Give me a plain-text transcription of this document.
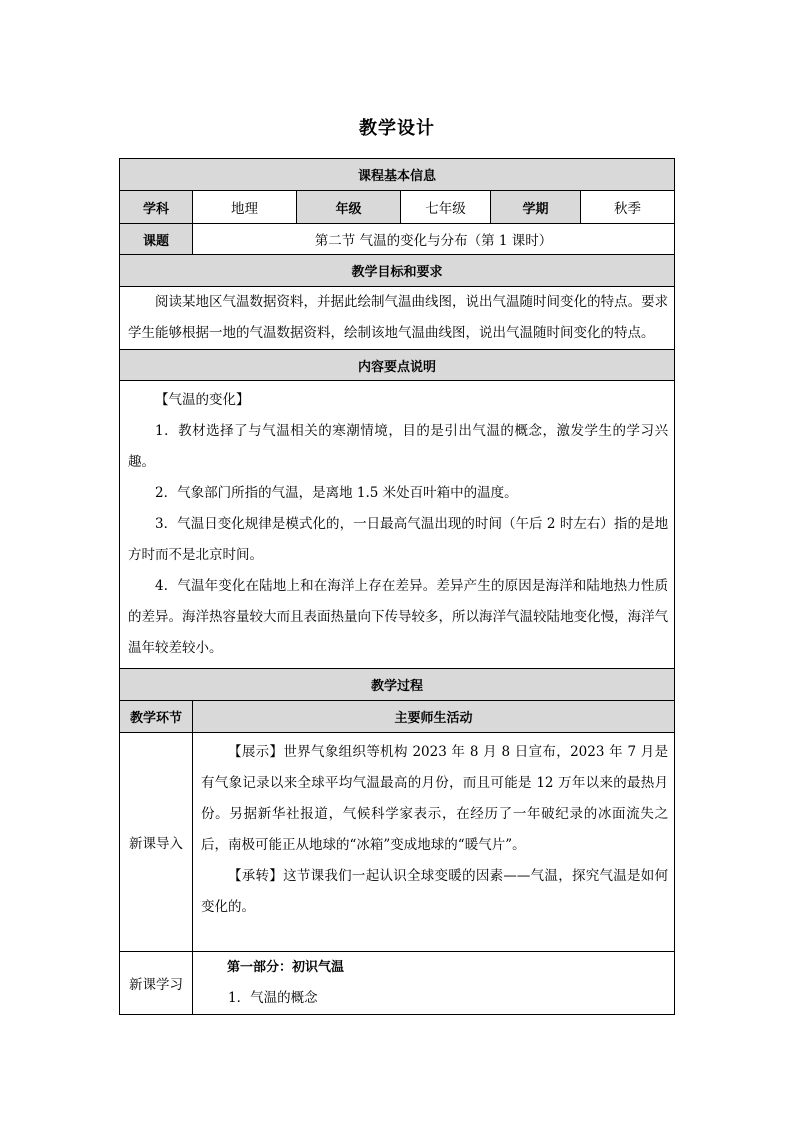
教学设计
课程基本信息					
学科	地理	年级	七年级	学期	秋季
课题	第二节 气温的变化与分布（第 1 课时）				
教学目标和要求					

阅读某地区气温数据资料，并据此绘制气温曲线图，说出气温随时间变化的特点。要求学生能够根据一地的气温数据资料，绘制该地气温曲线图，说出气温随时间变化的特点。					

内容要点说明					

【气温的变化】

1．教材选择了与气温相关的寒潮情境，目的是引出气温的概念，激发学生的学习兴趣。

2．气象部门所指的气温，是离地 1.5 米处百叶箱中的温度。

3．气温日变化规律是模式化的，一日最高气温出现的时间（午后 2 时左右）指的是地方时而不是北京时间。

4．气温年变化在陆地上和在海洋上存在差异。差异产生的原因是海洋和陆地热力性质的差异。海洋热容量较大而且表面热量向下传导较多，所以海洋气温较陆地变化慢，海洋气温年较差较小。					

教学过程					
教学环节	主要师生活动				
新课导入	【展示】世界气象组织等机构 2023 年 8 月 8 日宣布，2023 年 7 月是有气象记录以来全球平均气温最高的月份，而且可能是 12 万年以来的最热月份。另据新华社报道，气候科学家表示，在经历了一年破纪录的冰面流失之后，南极可能正从地球的“冰箱”变成地球的“暖气片”。

【承转】这节课我们一起认识全球变暖的因素——气温，探究气温是如何变化的。				

新课学习	第一部分：初识气温

1．气温的概念				
